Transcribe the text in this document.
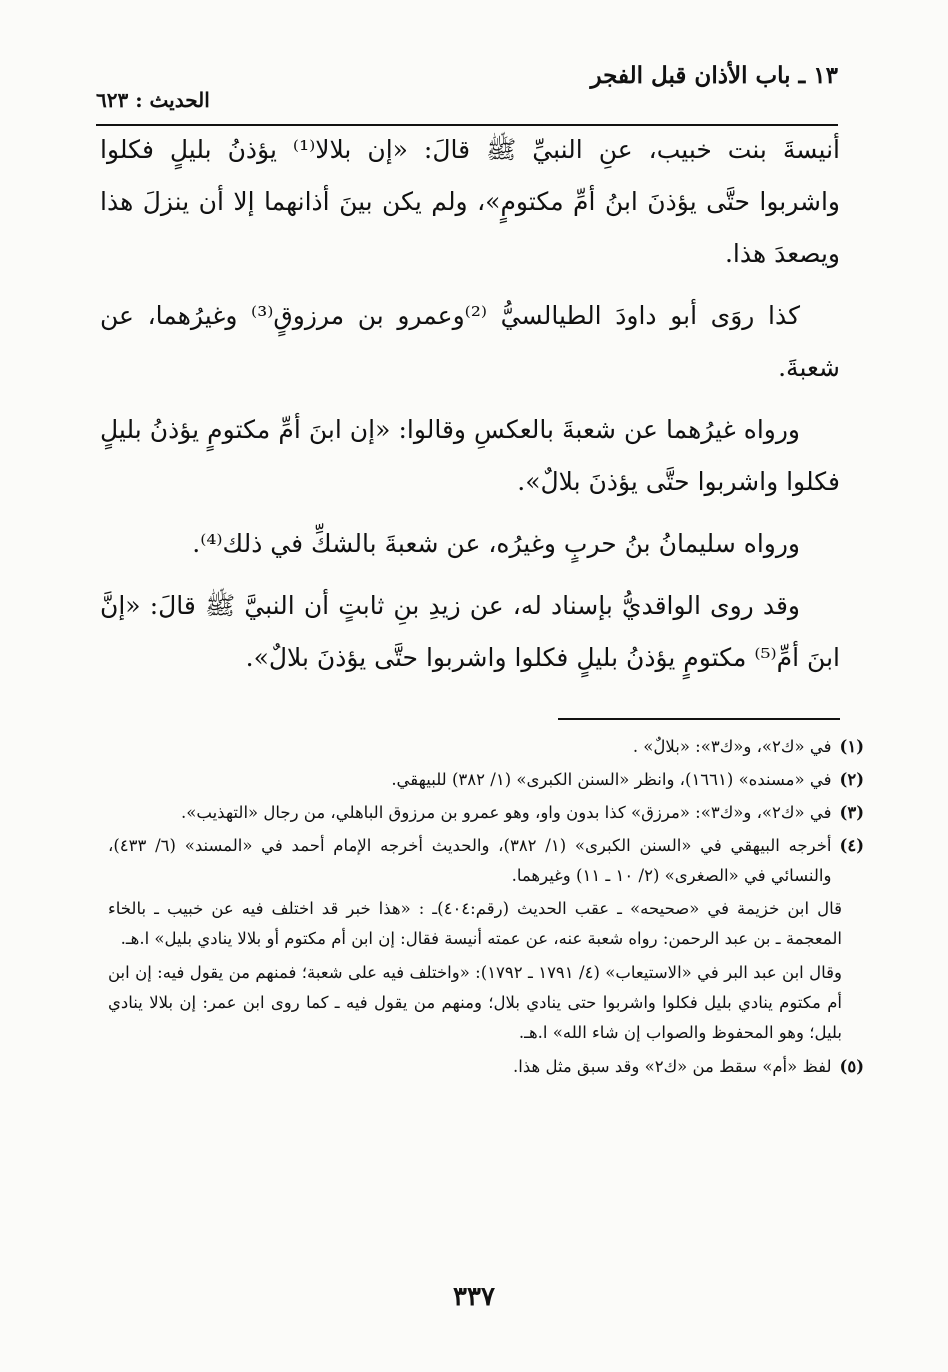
١٣ ـ باب الأذان قبل الفجر
الحديث : ٦٢٣

أنيسةَ بنت خبيب، عنِ النبيِّ ﷺ قالَ: «إن بلالا⁽¹⁾ يؤذنُ بليلٍ فكلوا واشربوا حتَّى يؤذنَ ابنُ أمِّ مكتومٍ»، ولم يكن بينَ أذانهما إلا أن ينزلَ هذا ويصعدَ هذا.

كذا روَى أبو داودَ الطيالسيُّ ⁽²⁾وعمرو بن مرزوقٍ⁽³⁾ وغيرُهما، عن شعبةَ.

ورواه غيرُهما عن شعبةَ بالعكسِ وقالوا: «إن ابنَ أمِّ مكتومٍ يؤذنُ بليلٍ فكلوا واشربوا حتَّى يؤذنَ بلالٌ».

ورواه سليمانُ بنُ حربٍ وغيرُه، عن شعبةَ بالشكِّ في ذلك⁽⁴⁾.

وقد روى الواقديُّ بإسناد له، عن زيدِ بنِ ثابتٍ أن النبيَّ ﷺ قالَ: «إنَّ ابنَ أمِّ⁽⁵⁾ مكتومٍ يؤذنُ بليلٍ فكلوا واشربوا حتَّى يؤذنَ بلالٌ».

(١)
في «ك٢»، و«ك٣»: «بلالٌ» .
(٢)
في «مسنده» (١٦٦١)، وانظر «السنن الكبرى» (١/ ٣٨٢) للبيهقي.
(٣)
في «ك٢»، و«ك٣»: «مرزق» كذا بدون واو، وهو عمرو بن مرزوق الباهلي، من رجال «التهذيب».
(٤)
أخرجه البيهقي في «السنن الكبرى» (١/ ٣٨٢)، والحديث أخرجه الإمام أحمد في «المسند» (٦/ ٤٣٣)، والنسائي في «الصغرى» (٢/ ١٠ ـ ١١) وغيرهما.

قال ابن خزيمة في «صحيحه» ـ عقب الحديث (رقم:٤٠٤)ـ : «هذا خبر قد اختلف فيه عن خبيب ـ بالخاء المعجمة ـ بن عبد الرحمن: رواه شعبة عنه، عن عمته أنيسة فقال: إن ابن أم مكتوم أو بلالا ينادي بليل» ا.هـ.

وقال ابن عبد البر في «الاستيعاب» (٤/ ١٧٩١ ـ ١٧٩٢): «واختلف فيه على شعبة؛ فمنهم من يقول فيه: إن ابن أم مكتوم ينادي بليل فكلوا واشربوا حتى ينادي بلال؛ ومنهم من يقول فيه ـ كما روى ابن عمر: إن بلالا ينادي بليل؛ وهو المحفوظ والصواب إن شاء الله» ا.هـ.

(٥)
لفظ «أم» سقط من «ك٢» وقد سبق مثل هذا.
٣٣٧
